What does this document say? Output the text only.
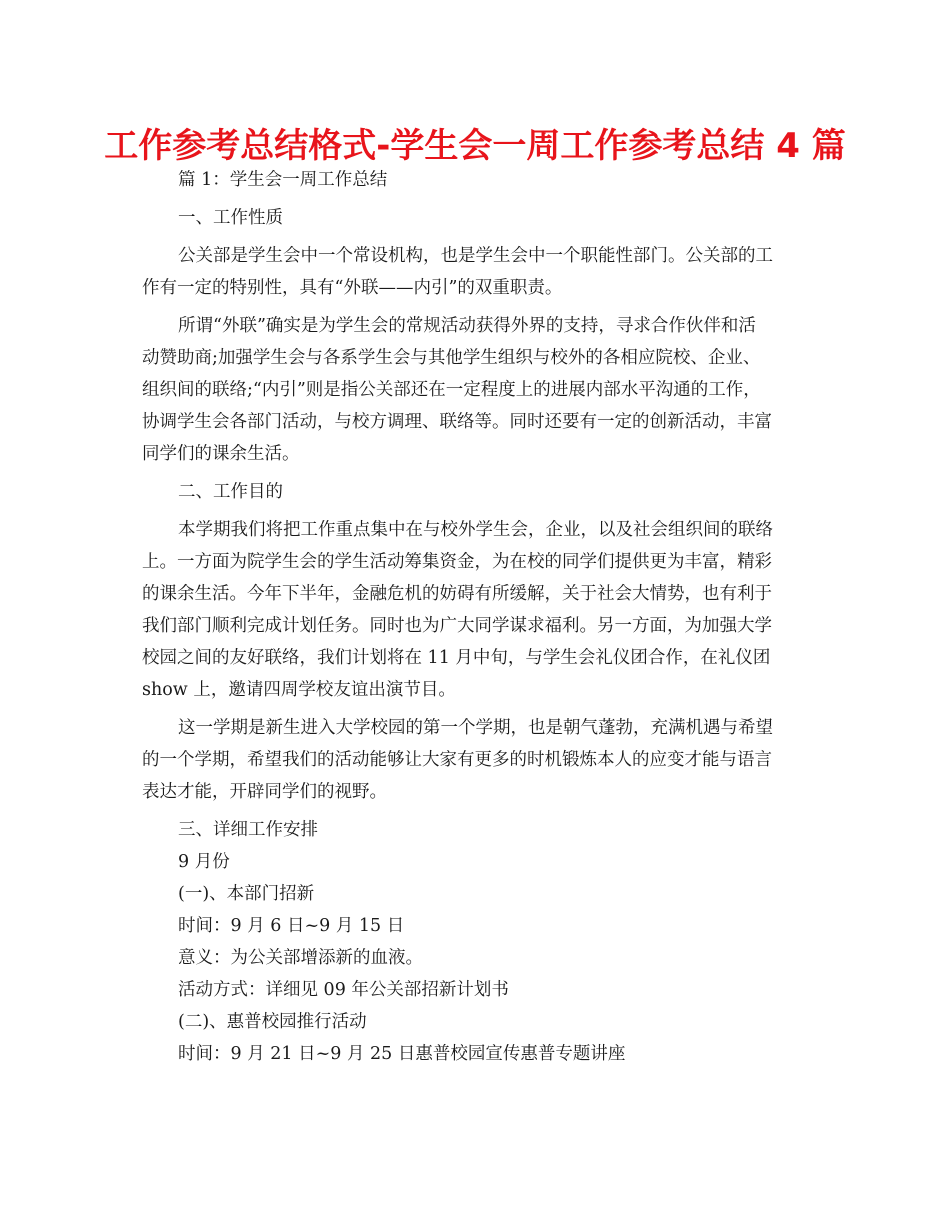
工作参考总结格式-学生会一周工作参考总结 4 篇
篇 1：学生会一周工作总结
一、工作性质
公关部是学生会中一个常设机构，也是学生会中一个职能性部门。公关部的工
作有一定的特别性，具有“外联——内引”的双重职责。
所谓“外联”确实是为学生会的常规活动获得外界的支持，寻求合作伙伴和活
动赞助商;加强学生会与各系学生会与其他学生组织与校外的各相应院校、企业、
组织间的联络;“内引”则是指公关部还在一定程度上的进展内部水平沟通的工作，
协调学生会各部门活动，与校方调理、联络等。同时还要有一定的创新活动，丰富
同学们的课余生活。
二、工作目的
本学期我们将把工作重点集中在与校外学生会，企业，以及社会组织间的联络
上。一方面为院学生会的学生活动筹集资金，为在校的同学们提供更为丰富，精彩
的课余生活。今年下半年，金融危机的妨碍有所缓解，关于社会大情势，也有利于
我们部门顺利完成计划任务。同时也为广大同学谋求福利。另一方面，为加强大学
校园之间的友好联络，我们计划将在 11 月中旬，与学生会礼仪团合作，在礼仪团
show 上，邀请四周学校友谊出演节目。
这一学期是新生进入大学校园的第一个学期，也是朝气蓬勃，充满机遇与希望
的一个学期，希望我们的活动能够让大家有更多的时机锻炼本人的应变才能与语言
表达才能，开辟同学们的视野。
三、详细工作安排
9 月份
(一)、本部门招新
时间：9 月 6 日~9 月 15 日
意义：为公关部增添新的血液。
活动方式：详细见 09 年公关部招新计划书
(二)、惠普校园推行活动
时间：9 月 21 日~9 月 25 日惠普校园宣传惠普专题讲座
